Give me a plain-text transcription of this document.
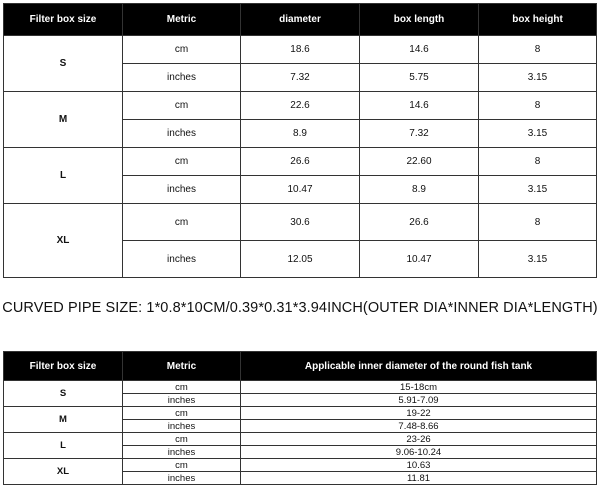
Filter box size	Metric	diameter	box length	box height
S	cm	18.6	14.6	8
	inches	7.32	5.75	3.15
M	cm	22.6	14.6	8
	inches	8.9	7.32	3.15
L	cm	26.6	22.60	8
	inches	10.47	8.9	3.15
XL	cm	30.6	26.6	8
	inches	12.05	10.47	3.15
CURVED PIPE SIZE: 1*0.8*10CM/0.39*0.31*3.94INCH(OUTER DIA*INNER DIA*LENGTH)
Filter box size	Metric	Applicable inner diameter of the round fish tank
S	cm	15-18cm
	inches	5.91-7.09
M	cm	19-22
	inches	7.48-8.66
L	cm	23-26
	inches	9.06-10.24
XL	cm	10.63
	inches	11.81
